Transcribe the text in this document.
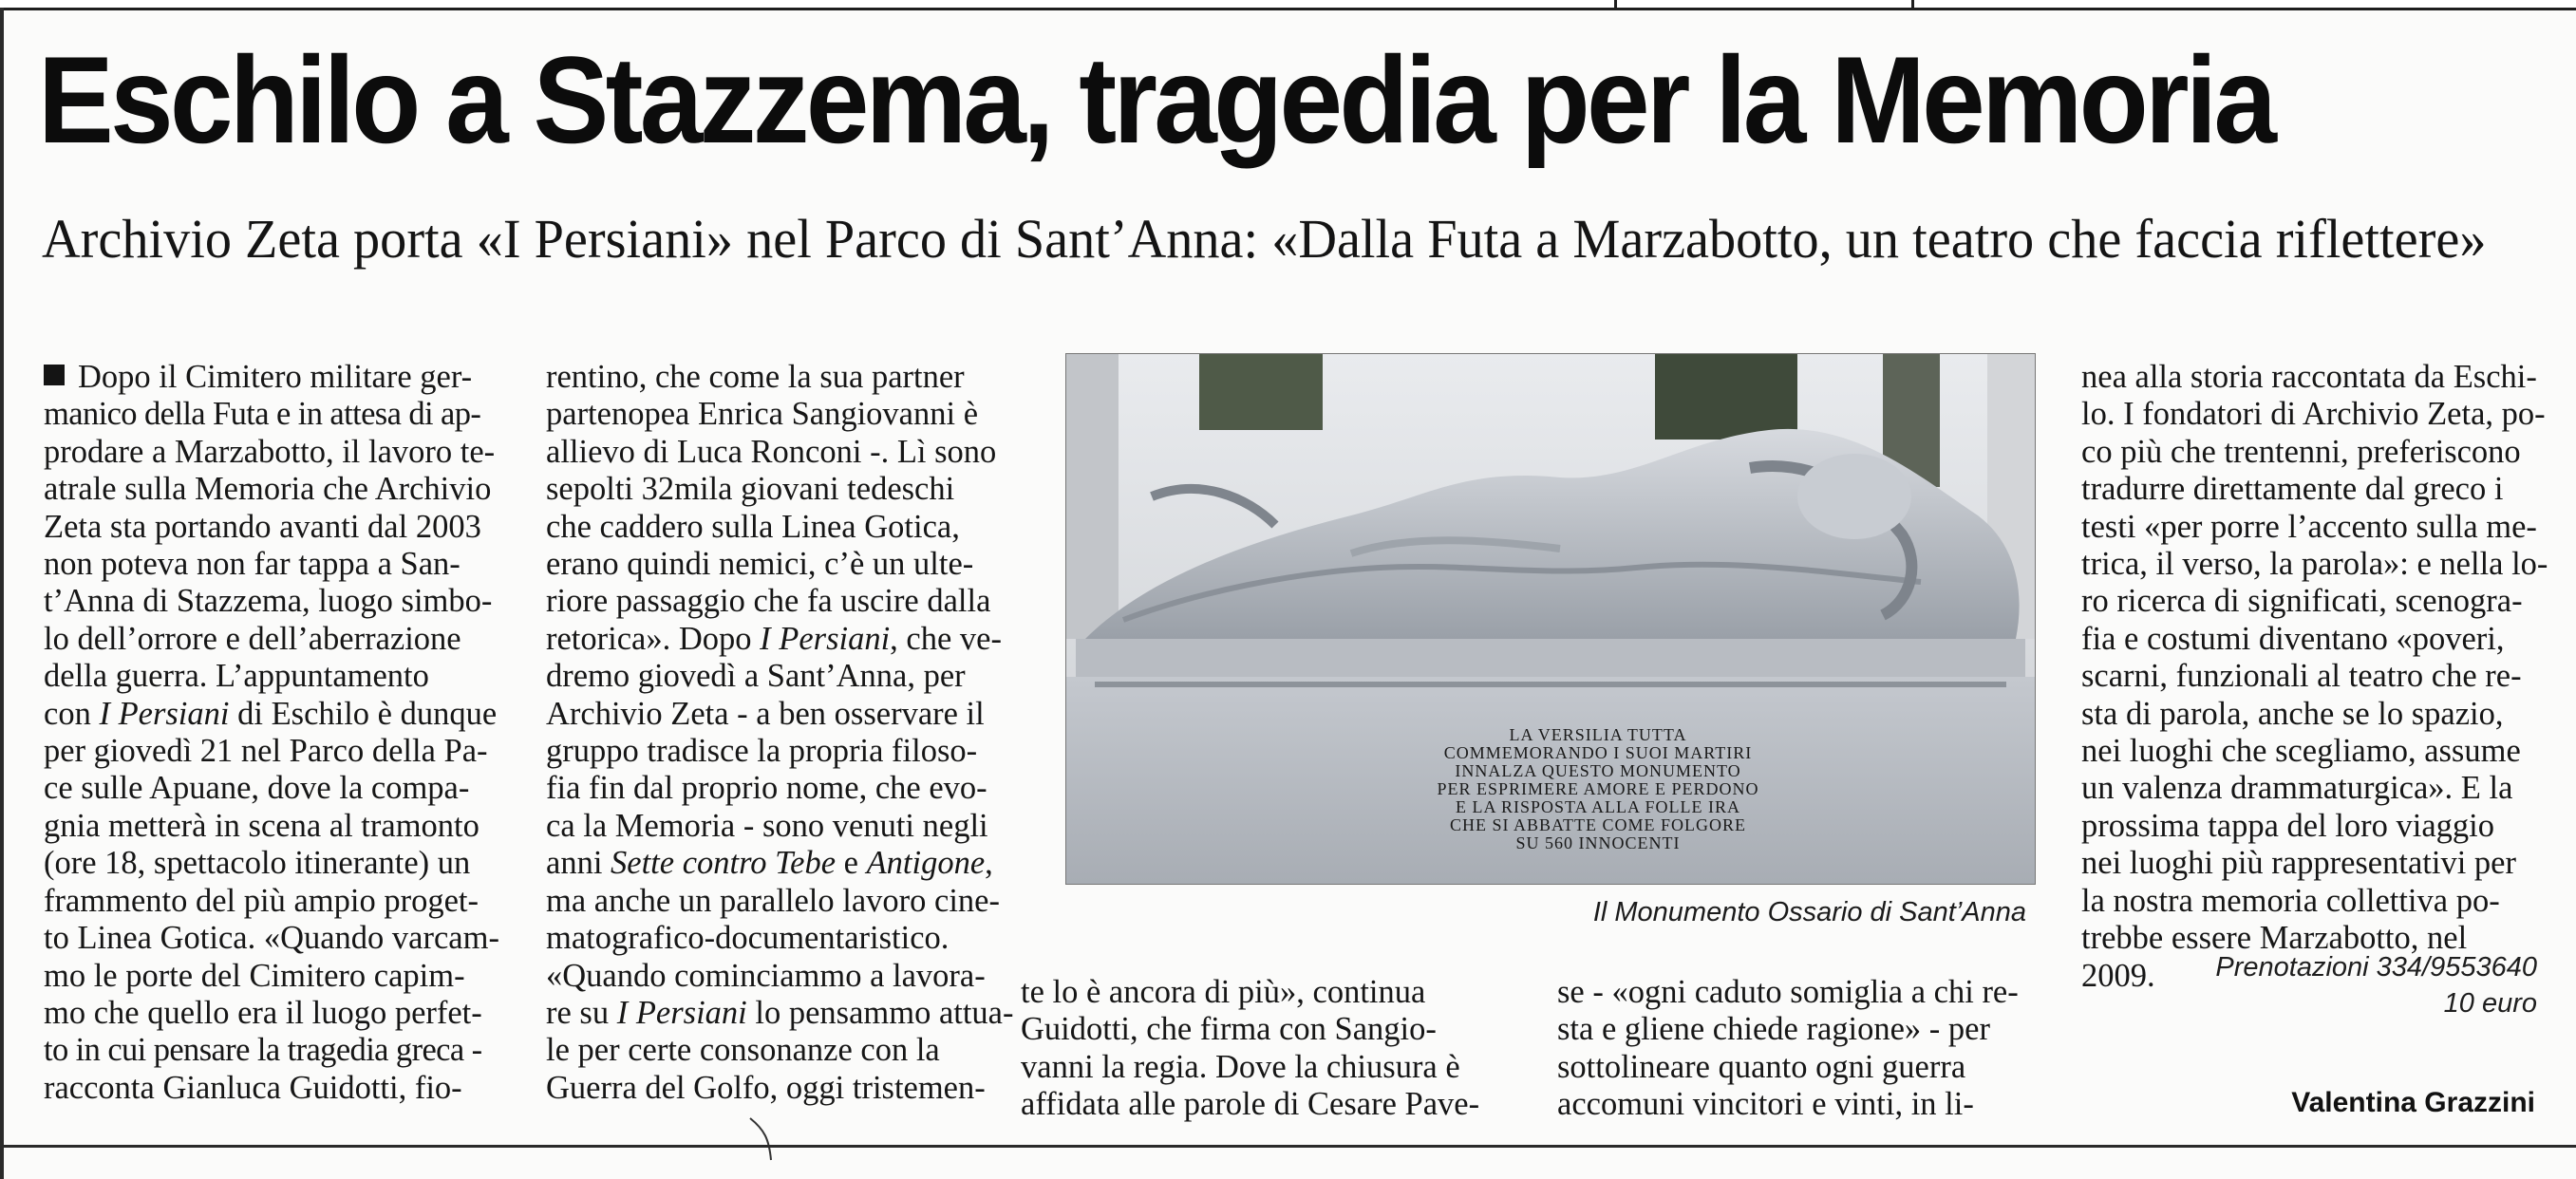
Eschilo a Stazzema, tragedia per la Memoria
Archivio Zeta porta «I Persiani» nel Parco di Sant’Anna: «Dalla Futa a Marzabotto, un teatro che faccia riflettere»
Dopo il Cimitero militare ger-
manico della Futa e in attesa di ap-
prodare a Marzabotto, il lavoro te-
atrale sulla Memoria che Archivio
Zeta sta portando avanti dal 2003
non poteva non far tappa a San-
t’Anna di Stazzema, luogo simbo-
lo dell’orrore e dell’aberrazione
della guerra. L’appuntamento
con I Persiani di Eschilo è dunque
per giovedì 21 nel Parco della Pa-
ce sulle Apuane, dove la compa-
gnia metterà in scena al tramonto
(ore 18, spettacolo itinerante) un
frammento del più ampio proget-
to Linea Gotica. «Quando varcam-
mo le porte del Cimitero capim-
mo che quello era il luogo perfet-
to in cui pensare la tragedia greca -
racconta Gianluca Guidotti, fio-
rentino, che come la sua partner
partenopea Enrica Sangiovanni è
allievo di Luca Ronconi -. Lì sono
sepolti 32mila giovani tedeschi
che caddero sulla Linea Gotica,
erano quindi nemici, c’è un ulte-
riore passaggio che fa uscire dalla
retorica». Dopo I Persiani, che ve-
dremo giovedì a Sant’Anna, per
Archivio Zeta - a ben osservare il
gruppo tradisce la propria filoso-
fia fin dal proprio nome, che evo-
ca la Memoria - sono venuti negli
anni Sette contro Tebe e Antigone,
ma anche un parallelo lavoro cine-
matografico-documentaristico.
«Quando cominciammo a lavora-
re su I Persiani lo pensammo attua-
le per certe consonanze con la
Guerra del Golfo, oggi tristemen-
te lo è ancora di più», continua
Guidotti, che firma con Sangio-
vanni la regia. Dove la chiusura è
affidata alle parole di Cesare Pave-
se - «ogni caduto somiglia a chi re-
sta e gliene chiede ragione» - per
sottolineare quanto ogni guerra
accomuni vincitori e vinti, in li-
nea alla storia raccontata da Eschi-
lo. I fondatori di Archivio Zeta, po-
co più che trentenni, preferiscono
tradurre direttamente dal greco i
testi «per porre l’accento sulla me-
trica, il verso, la parola»: e nella lo-
ro ricerca di significati, scenogra-
fia e costumi diventano «poveri,
scarni, funzionali al teatro che re-
sta di parola, anche se lo spazio,
nei luoghi che scegliamo, assume
un valenza drammaturgica». E la
prossima tappa del loro viaggio
nei luoghi più rappresentativi per
la nostra memoria collettiva po-
trebbe essere Marzabotto, nel
2009.
LA VERSILIA TUTTA
COMMEMORANDO I SUOI MARTIRI
INNALZA QUESTO MONUMENTO
PER ESPRIMERE AMORE E PERDONO
E LA RISPOSTA ALLA FOLLE IRA
CHE SI ABBATTE COME FOLGORE
SU 560 INNOCENTI
Il Monumento Ossario di Sant’Anna
Prenotazioni 334/9553640
10 euro
Valentina Grazzini
